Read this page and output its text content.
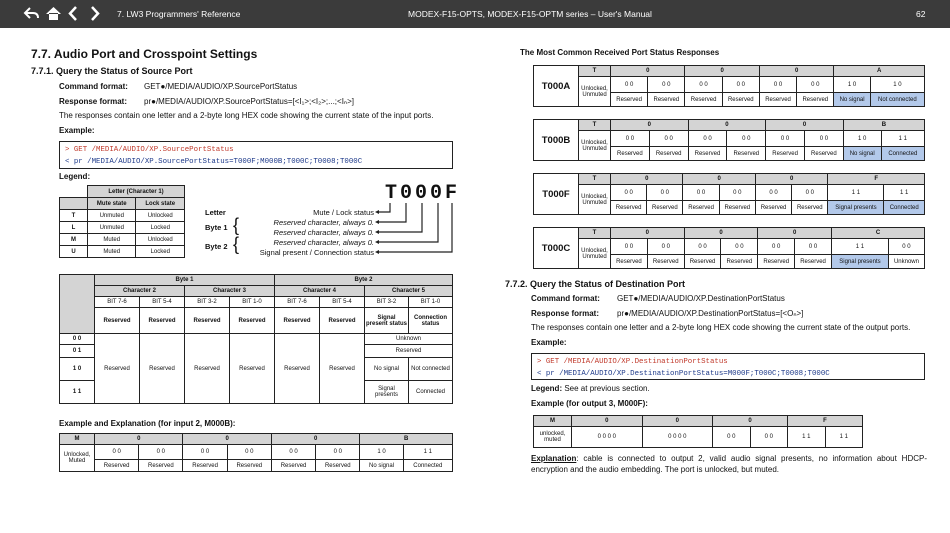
7. LW3 Programmers' Reference	MODEX-F15-OPTS, MODEX-F15-OPTM series – User's Manual	62
7.7. Audio Port and Crosspoint Settings
7.7.1. Query the Status of Source Port
Command format: GET●/MEDIA/AUDIO/XP.SourcePortStatus
Response format: pr●/MEDIA/AUDIO/XP.SourcePortStatus=[<I₁>;<I₂>;...;<Iₙ>]
The responses contain one letter and a 2-byte long HEX code showing the current state of the input ports.
Example:
> GET /MEDIA/AUDIO/XP.SourcePortStatus
< pr /MEDIA/AUDIO/XP.SourcePortStatus=T000F;M000B;T000C;T0008;T000C
Legend:
	Letter (Character 1)	
	Mute state	Lock state
T	Unmuted	Unlocked
L	Unmuted	Locked
M	Muted	Unlocked
U	Muted	Locked
T000F
Letter
Byte 1
Byte 2
{
{
Mute / Lock status
Reserved character, always 0.
Reserved character, always 0.
Reserved character, always 0.
Signal present / Connection status
	Byte 1				Byte 2			
	Character 2		Character 3		Character 4		Character 5	
	BIT 7-6	BIT 5-4	BIT 3-2	BIT 1-0	BIT 7-6	BIT 5-4	BIT 3-2	BIT 1-0
	Reserved	Reserved	Reserved	Reserved	Reserved	Reserved	Signal present status	Connection status
0 0	Reserved	Reserved	Reserved	Reserved	Reserved	Reserved	Unknown	
0 1							Reserved	
1 0							No signal	Not connected
1 1							Signal presents	Connected
Example and Explanation (for input 2, M000B):
M	0		0		0		B	
Unlocked, Muted	0 0	0 0	0 0	0 0	0 0	0 0	1 0	1 1
	Reserved	Reserved	Reserved	Reserved	Reserved	Reserved	No signal	Connected
The Most Common Received Port Status Responses
T000A	T	0		0		0		A	
	Unlocked, Unmuted	0 0	0 0	0 0	0 0	0 0	0 0	1 0	1 0
		Reserved	Reserved	Reserved	Reserved	Reserved	Reserved	No signal	Not connected
T000B	T	0		0		0		B	
	Unlocked, Unmuted	0 0	0 0	0 0	0 0	0 0	0 0	1 0	1 1
		Reserved	Reserved	Reserved	Reserved	Reserved	Reserved	No signal	Connected
T000F	T	0		0		0		F	
	Unlocked, Unmuted	0 0	0 0	0 0	0 0	0 0	0 0	1 1	1 1
		Reserved	Reserved	Reserved	Reserved	Reserved	Reserved	Signal presents	Connected
T000C	T	0		0		0		C	
	Unlocked, Unmuted	0 0	0 0	0 0	0 0	0 0	0 0	1 1	0 0
		Reserved	Reserved	Reserved	Reserved	Reserved	Reserved	Signal presents	Unknown
7.7.2. Query the Status of Destination Port
Command format: GET●/MEDIA/AUDIO/XP.DestinationPortStatus
Response format: pr●/MEDIA/AUDIO/XP.DestinationPortStatus=[<Oₙ>]
The responses contain one letter and a 2-byte long HEX code showing the current state of the output ports.
Example:
> GET /MEDIA/AUDIO/XP.DestinationPortStatus
< pr /MEDIA/AUDIO/XP.DestinationPortStatus=M000F;T000C;T0008;T000C
Legend: See at previous section.
Example (for output 3, M000F):
M	0	0	0		F	
unlocked, muted	0 0 0 0	0 0 0 0	0 0	0 0	1 1	1 1
Explanation: cable is connected to output 2, valid audio signal presents, no information about HDCP-encryption and the audio embedding. The port is unlocked, but muted.
